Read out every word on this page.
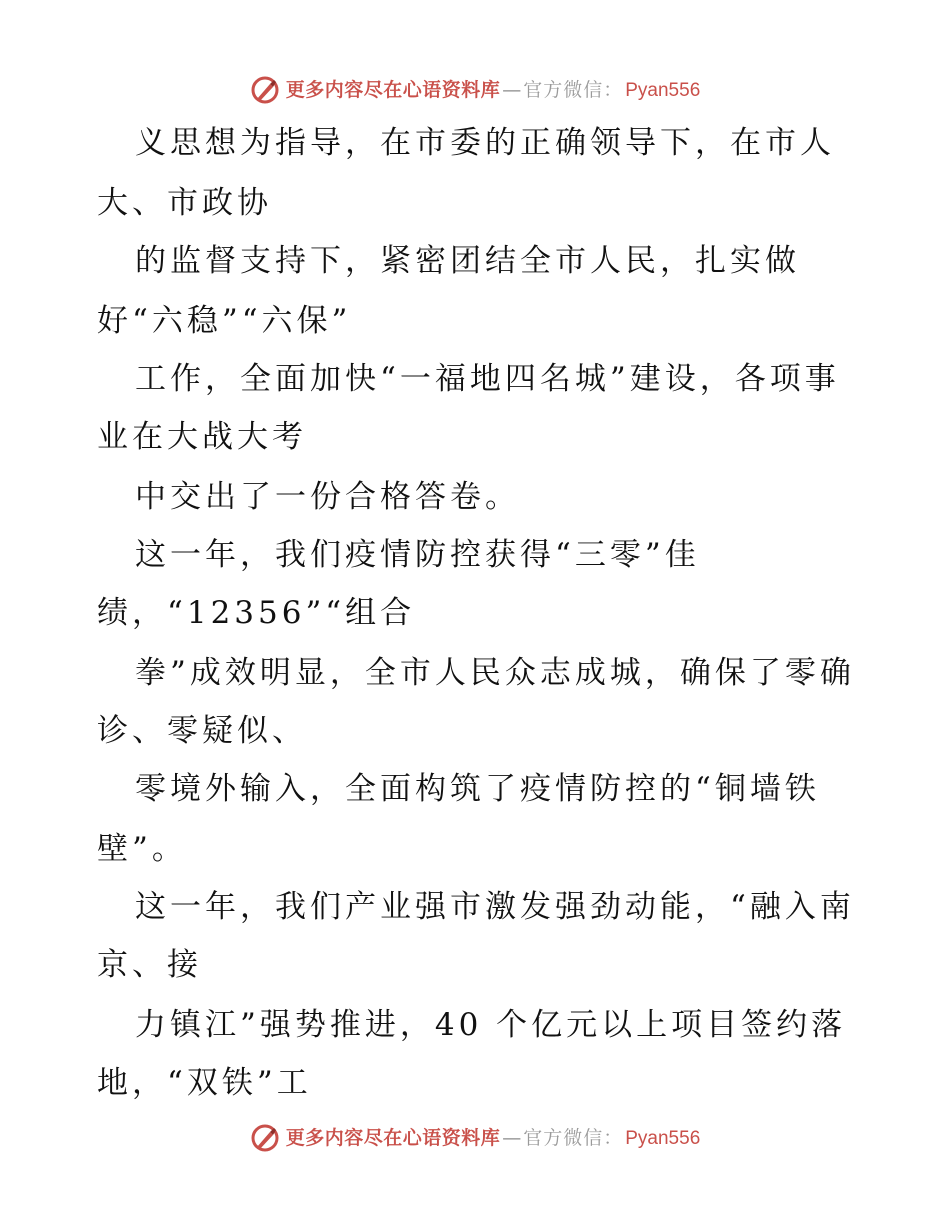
更多内容尽在心语资料库 — 官方微信： Pyan556
义思想为指导，在市委的正确领导下，在市人
大、市政协
的监督支持下，紧密团结全市人民，扎实做
好“六稳”“六保”
工作，全面加快“一福地四名城”建设，各项事
业在大战大考
中交出了一份合格答卷。
这一年，我们疫情防控获得“三零”佳
绩，“12356”“组合
拳”成效明显，全市人民众志成城，确保了零确
诊、零疑似、
零境外输入，全面构筑了疫情防控的“铜墙铁
壁”。
这一年，我们产业强市激发强劲动能，“融入南
京、接
力镇江”强势推进，40 个亿元以上项目签约落
地，“双铁”工
更多内容尽在心语资料库 — 官方微信： Pyan556
